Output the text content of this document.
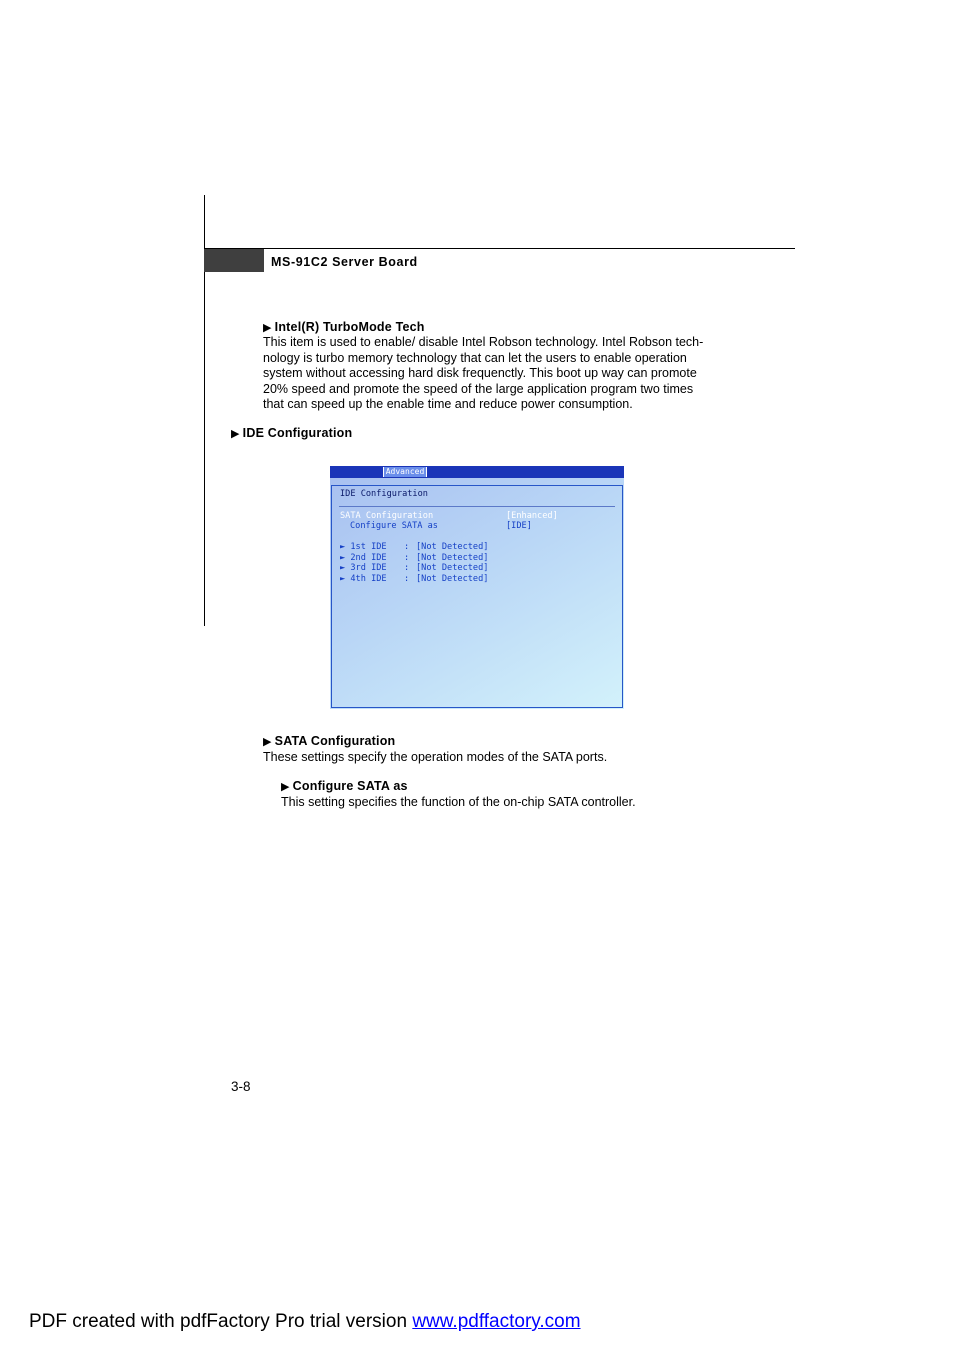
MS-91C2 Server Board
▶ Intel(R) TurboMode Tech
This item is used to enable/ disable Intel Robson technology. Intel Robson tech-
nology is turbo memory technology that can let the users to enable operation
system without accessing hard disk frequenctly. This boot up way can promote
20% speed and promote the speed of the large application program two times
that can speed up the enable time and reduce power consumption.
▶ IDE Configuration
Advanced
IDE Configuration
SATA Configuration	[Enhanced]
Configure SATA as	[IDE]
► 1st IDE : [Not Detected]
► 2nd IDE : [Not Detected]
► 3rd IDE : [Not Detected]
► 4th IDE : [Not Detected]
▶ SATA Configuration
These settings specify the operation modes of the SATA ports.
▶ Configure SATA as
This setting specifies the function of the on-chip SATA controller.
3-8
PDF created with pdfFactory Pro trial version www.pdffactory.com
